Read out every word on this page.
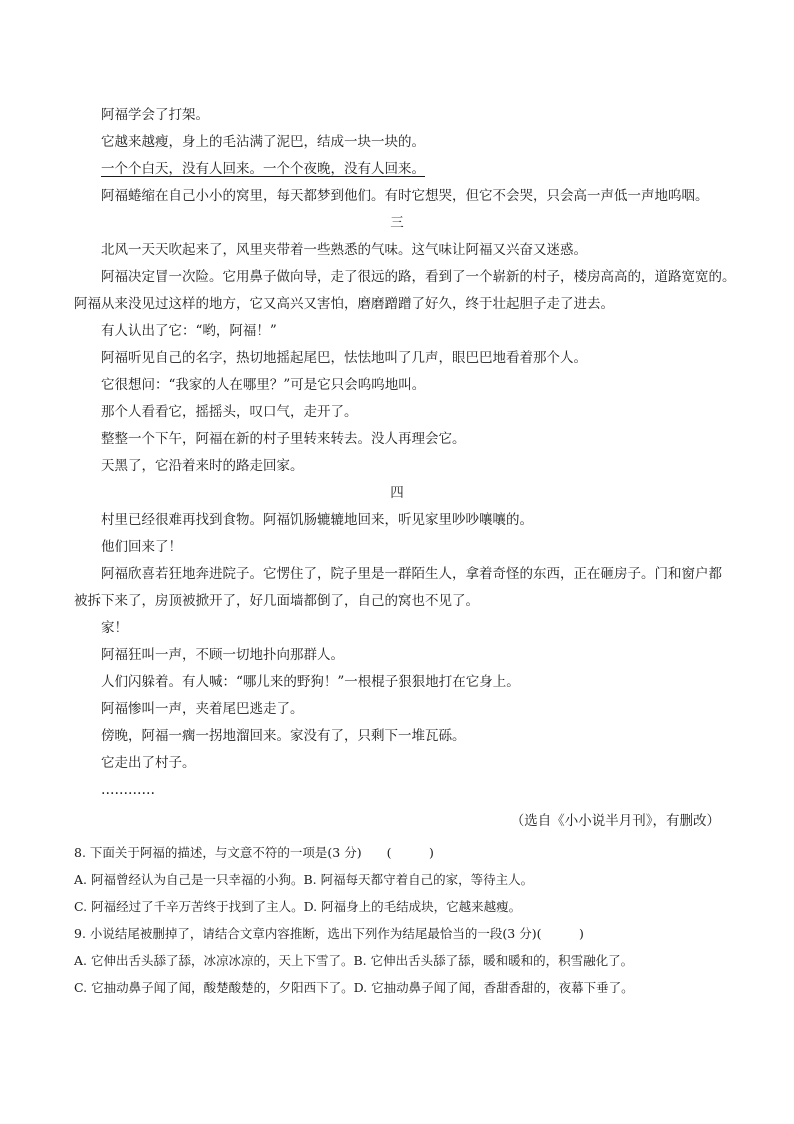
阿福学会了打架。

它越来越瘦，身上的毛沾满了泥巴，结成一块一块的。

一个个白天，没有人回来。一个个夜晚，没有人回来。

阿福蜷缩在自己小小的窝里，每天都梦到他们。有时它想哭，但它不会哭，只会高一声低一声地呜咽。

三

北风一天天吹起来了，风里夹带着一些熟悉的气味。这气味让阿福又兴奋又迷惑。

阿福决定冒一次险。它用鼻子做向导，走了很远的路，看到了一个崭新的村子，楼房高高的，道路宽宽的。

阿福从来没见过这样的地方，它又高兴又害怕，磨磨蹭蹭了好久，终于壮起胆子走了进去。

有人认出了它：“哟，阿福！”

阿福听见自己的名字，热切地摇起尾巴，怯怯地叫了几声，眼巴巴地看着那个人。

它很想问：“我家的人在哪里？”可是它只会呜呜地叫。

那个人看看它，摇摇头，叹口气，走开了。

整整一个下午，阿福在新的村子里转来转去。没人再理会它。

天黑了，它沿着来时的路走回家。

四

村里已经很难再找到食物。阿福饥肠辘辘地回来，听见家里吵吵嚷嚷的。

他们回来了！

阿福欣喜若狂地奔进院子。它愣住了，院子里是一群陌生人，拿着奇怪的东西，正在砸房子。门和窗户都

被拆下来了，房顶被掀开了，好几面墙都倒了，自己的窝也不见了。

家！

阿福狂叫一声，不顾一切地扑向那群人。

人们闪躲着。有人喊：“哪儿来的野狗！”一根棍子狠狠地打在它身上。

阿福惨叫一声，夹着尾巴逃走了。

傍晚，阿福一瘸一拐地溜回来。家没有了，只剩下一堆瓦砾。

它走出了村子。

…………

（选自《小小说半月刊》，有删改）

8. 下面关于阿福的描述，与文意不符的一项是(3 分)　　(　　　)

A. 阿福曾经认为自己是一只幸福的小狗。B. 阿福每天都守着自己的家，等待主人。

C. 阿福经过了千辛万苦终于找到了主人。D. 阿福身上的毛结成块，它越来越瘦。

9. 小说结尾被删掉了，请结合文章内容推断，选出下列作为结尾最恰当的一段(3 分)(　　　)

A. 它伸出舌头舔了舔，冰凉冰凉的，天上下雪了。B. 它伸出舌头舔了舔，暖和暖和的，积雪融化了。

C. 它抽动鼻子闻了闻，酸楚酸楚的，夕阳西下了。D. 它抽动鼻子闻了闻，香甜香甜的，夜幕下垂了。
